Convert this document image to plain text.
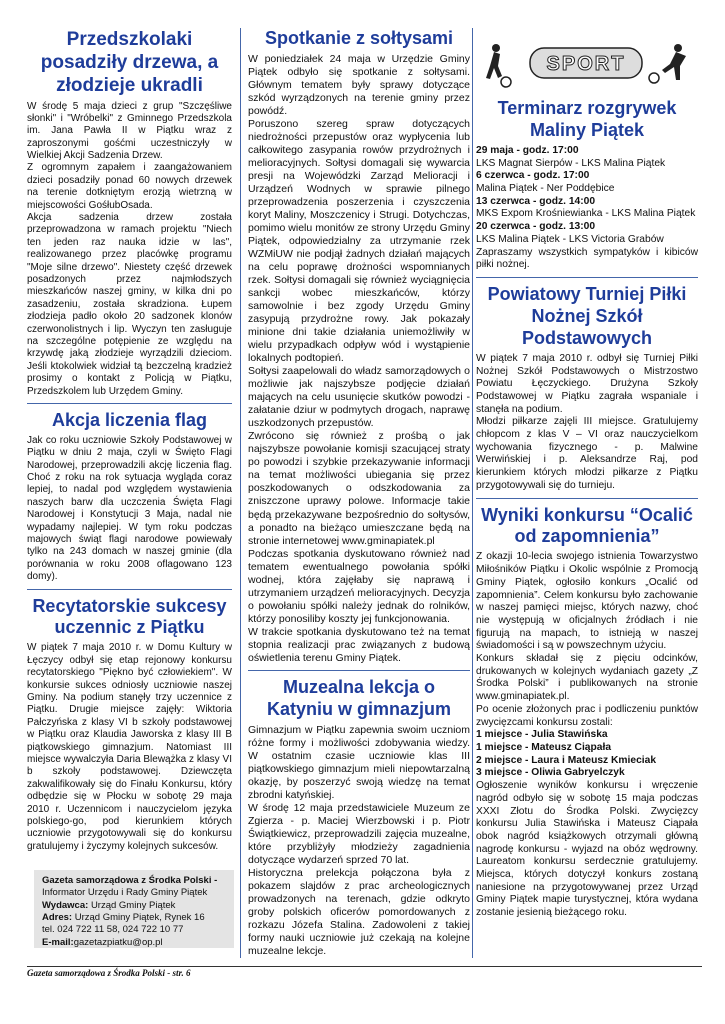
Przedszkolaki posadziły drzewa, a złodzieje ukradli

W środę 5 maja dzieci z grup "Szczęśliwe słonki" i "Wróbelki" z Gminnego Przedszkola im. Jana Pawła II w Piątku wraz z zaproszonymi gośćmi uczestniczyły w Wielkiej Akcji Sadzenia Drzew.

Z ogromnym zapałem i zaangażowaniem dzieci posadziły ponad 60 nowych drzewek na terenie dotkniętym erozją wietrzną w miejscowości GośłubOsada.

Akcja sadzenia drzew została przeprowadzona w ramach projektu "Niech ten jeden raz nauka idzie w las", realizowanego przez placówkę programu "Moje silne drzewo". Niestety część drzewek posadzonych przez najmłodszych mieszkańców naszej gminy, w kilka dni po zasadzeniu, została skradziona. Łupem złodzieja padło około 20 sadzonek klonów czerwonolistnych i lip. Wyczyn ten zasługuje na szczególne potępienie ze względu na krzywdę jaką złodzieje wyrządzili dzieciom. Jeśli ktokolwiek widział tą bezczelną kradzież prosimy o kontakt z Policją w Piątku, Przedszkolem lub Urzędem Gminy.

Akcja liczenia flag

Jak co roku uczniowie Szkoły Podstawowej w Piątku w dniu 2 maja, czyli w Święto Flagi Narodowej, przeprowadzili akcję liczenia flag. Choć z roku na rok sytuacja wygląda coraz lepiej, to nadal pod względem wystawienia naszych barw dla uczczenia Święta Flagi Narodowej i Konstytucji 3 Maja, nadal nie wypadamy najlepiej. W tym roku podczas majowych świąt flagi narodowe powiewały tylko na 243 domach w naszej gminie (dla porównania w roku 2008 oflagowano 123 domy).

Recytatorskie sukcesy uczennic z Piątku

W piątek 7 maja 2010 r. w Domu Kultury w Łęczycy odbył się etap rejonowy konkursu recytatorskiego "Piękno być człowiekiem". W konkursie sukces odniosły uczniowie naszej Gminy. Na podium stanęły trzy uczennice z Piątku. Drugie miejsce zajęły: Wiktoria Pałczyńska z klasy VI b szkoły podstawowej w Piątku oraz Klaudia Jaworska z klasy III B piątkowskiego gimnazjum. Natomiast III miejsce wywalczyła Daria Blewążka z klasy VI b szkoły podstawowej. Dziewczęta zakwalifikowały się do Finału Konkursu, który odbędzie się w Płocku w sobotę 29 maja 2010 r. Uczennicom i nauczycielom języka polskiego-go, pod kierunkiem których uczniowie przygotowywali się do konkursu gratulujemy i życzymy kolejnych sukcesów.

Gazeta samorządowa z Środka Polski -
Informator Urzędu i Rady Gminy Piątek
Wydawca: Urząd Gminy Piątek
Adres: Urząd Gminy Piątek, Rynek 16
tel. 024 722 11 58, 024 722 10 77
E-mail:gazetazpiatku@op.pl
Spotkanie z sołtysami

W poniedziałek 24 maja w Urzędzie Gminy Piątek odbyło się spotkanie z sołtysami. Głównym tematem były sprawy dotyczące szkód wyrządzonych na terenie gminy przez powódź.

Poruszono szereg spraw dotyczących niedrożności przepustów oraz wypłycenia lub całkowitego zasypania rowów przydrożnych i melioracyjnych. Sołtysi domagali się wywarcia presji na Wojewódzki Zarząd Melioracji i Urządzeń Wodnych w sprawie pilnego przeprowadzenia poszerzenia i czyszczenia koryt Maliny, Moszczenicy i Strugi. Dotychczas, pomimo wielu monitów ze strony Urzędu Gminy Piątek, odpowiedzialny za utrzymanie rzek WZMiUW nie podjął żadnych działań mających na celu poprawę drożności wspomnianych rzek. Sołtysi domagali się również wyciągnięcia sankcji wobec mieszkańców, którzy samowolnie i bez zgody Urzędu Gminy zasypują przydrożne rowy. Jak pokazały minione dni takie działania uniemożliwiły w wielu przypadkach odpływ wód i wystąpienie lokalnych podtopień.

Sołtysi zaapelowali do władz samorządowych o możliwie jak najszybsze podjęcie działań mających na celu usunięcie skutków powodzi - załatanie dziur w podmytych drogach, naprawę uszkodzonych przepustów.

Zwrócono się również z prośbą o jak najszybsze powołanie komisji szacującej straty po powodzi i szybkie przekazywanie informacji na temat możliwości ubiegania się przez poszkodowanych o odszkodowania za zniszczone uprawy polowe. Informacje takie będą przekazywane bezpośrednio do sołtysów, a ponadto na bieżąco umieszczane będą na stronie internetowej www.gminapiatek.pl

Podczas spotkania dyskutowano również nad tematem ewentualnego powołania spółki wodnej, która zajęłaby się naprawą i utrzymaniem urządzeń melioracyjnych. Decyzja o powołaniu spółki należy jednak do rolników, którzy ponosiliby koszty jej funkcjonowania.

W trakcie spotkania dyskutowano też na temat stopnia realizacji prac związanych z budową oświetlenia terenu Gminy Piątek.

Muzealna lekcja o Katyniu w gimnazjum

Gimnazjum w Piątku zapewnia swoim uczniom różne formy i możliwości zdobywania wiedzy. W ostatnim czasie uczniowie klas III piątkowskiego gimnazjum mieli niepowtarzalną okazję, by poszerzyć swoją wiedzę na temat zbrodni katyńskiej.

W środę 12 maja przedstawiciele Muzeum ze Zgierza - p. Maciej Wierzbowski i p. Piotr Świątkiewicz, przeprowadzili zajęcia muzealne, które przybliżyły młodzieży zagadnienia dotyczące wydarzeń sprzed 70 lat.

Historyczna prelekcja połączona była z pokazem slajdów z prac archeologicznych prowadzonych na terenach, gdzie odkryto groby polskich oficerów pomordowanych z rozkazu Józefa Stalina. Zadowoleni z takiej formy nauki uczniowie już czekają na kolejne muzealne lekcje.

SPORT
Terminarz rozgrywek Maliny Piątek
29 maja - godz. 17:00
LKS Magnat Sierpów - LKS Malina Piątek
6 czerwca - godz. 17:00
Malina Piątek - Ner Poddębice
13 czerwca - godz. 14:00
MKS Expom Krośniewianka - LKS Malina Piątek
20 czerwca - godz. 13:00
LKS Malina Piątek - LKS Victoria Grabów

Zapraszamy wszystkich sympatyków i kibiców piłki nożnej.

Powiatowy Turniej Piłki Nożnej Szkół Podstawowych

W piątek 7 maja 2010 r. odbył się Turniej Piłki Nożnej Szkół Podstawowych o Mistrzostwo Powiatu Łęczyckiego. Drużyna Szkoły Podstawowej w Piątku zagrała wspaniale i stanęła na podium.

Młodzi piłkarze zajęli III miejsce. Gratulujemy chłopcom z klas V – VI oraz nauczycielkom wychowania fizycznego - p. Malwine Werwińskiej i p. Aleksandrze Raj, pod kierunkiem których młodzi piłkarze z Piątku przygotowywali się do turnieju.

Wyniki konkursu “Ocalić od zapomnienia”

Z okazji 10-lecia swojego istnienia Towarzystwo Miłośników Piątku i Okolic wspólnie z Promocją Gminy Piątek, ogłosiło konkurs „Ocalić od zapomnienia”. Celem konkursu było zachowanie w naszej pamięci miejsc, których nazwy, choć nie występują w oficjalnych źródłach i nie figurują na mapach, to istnieją w naszej świadomości i są w powszechnym użyciu.

Konkurs składał się z pięciu odcinków, drukowanych w kolejnych wydaniach gazety „Z Środka Polski” i publikowanych na stronie www.gminapiatek.pl.

Po ocenie złożonych prac i podliczeniu punktów zwycięzcami konkursu zostali:

1 miejsce - Julia Stawińska
1 miejsce - Mateusz Ciąpała
2 miejsce - Laura i Mateusz Kmieciak
3 miejsce - Oliwia Gabryelczyk

Ogłoszenie wyników konkursu i wręczenie nagród odbyło się w sobotę 15 maja podczas XXXI Złotu do Środka Polski. Zwycięzcy konkursu Julia Stawińska i Mateusz Ciąpała obok nagród książkowych otrzymali główną nagrodę konkursu - wyjazd na obóz wędrowny. Laureatom konkursu serdecznie gratulujemy. Miejsca, których dotyczył konkurs zostaną naniesione na przygotowywanej przez Urząd Gminy Piątek mapie turystycznej, która wydana zostanie jesienią bieżącego roku.

Gazeta samorządowa z Środka Polski - str. 6
